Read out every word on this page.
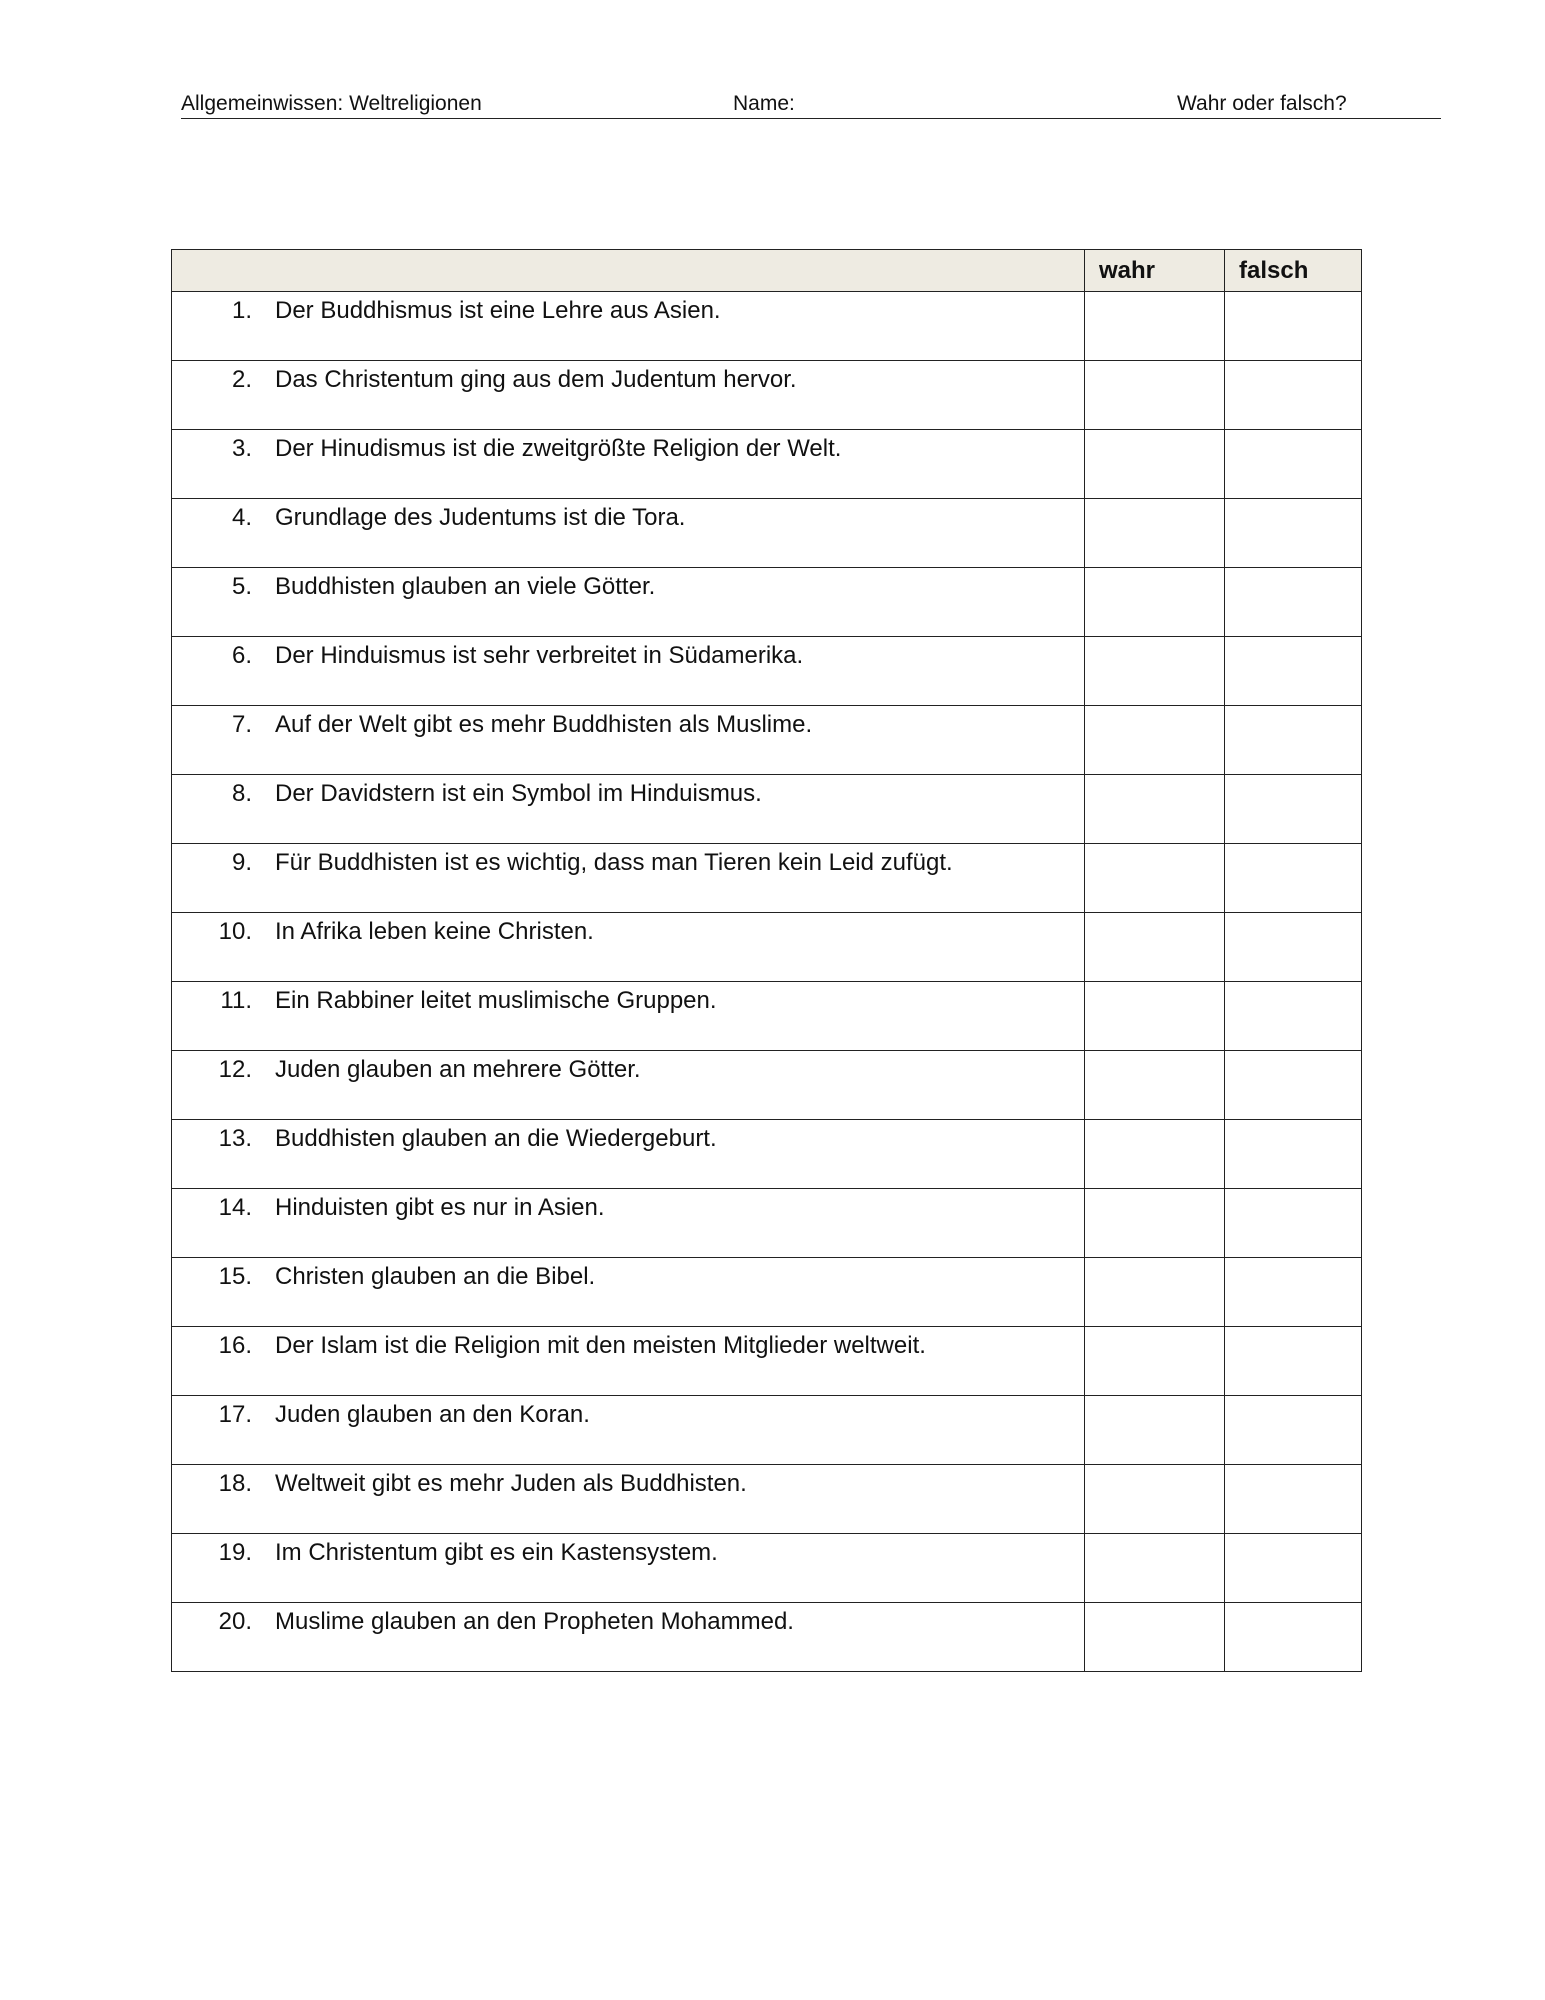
Allgemeinwissen: Weltreligionen	Name:	Wahr oder falsch?
	wahr	falsch

1. Der Buddhismus ist eine Lehre aus Asien.		

2. Das Christentum ging aus dem Judentum hervor.		

3. Der Hinudismus ist die zweitgrößte Religion der Welt.		

4. Grundlage des Judentums ist die Tora.		

5. Buddhisten glauben an viele Götter.		

6. Der Hinduismus ist sehr verbreitet in Südamerika.		

7. Auf der Welt gibt es mehr Buddhisten als Muslime.		

8. Der Davidstern ist ein Symbol im Hinduismus.		

9. Für Buddhisten ist es wichtig, dass man Tieren kein Leid zufügt.		

10. In Afrika leben keine Christen.		

11. Ein Rabbiner leitet muslimische Gruppen.		

12. Juden glauben an mehrere Götter.		

13. Buddhisten glauben an die Wiedergeburt.		

14. Hinduisten gibt es nur in Asien.		

15. Christen glauben an die Bibel.		

16. Der Islam ist die Religion mit den meisten Mitglieder weltweit.		

17. Juden glauben an den Koran.		

18. Weltweit gibt es mehr Juden als Buddhisten.		

19. Im Christentum gibt es ein Kastensystem.		

20. Muslime glauben an den Propheten Mohammed.		
